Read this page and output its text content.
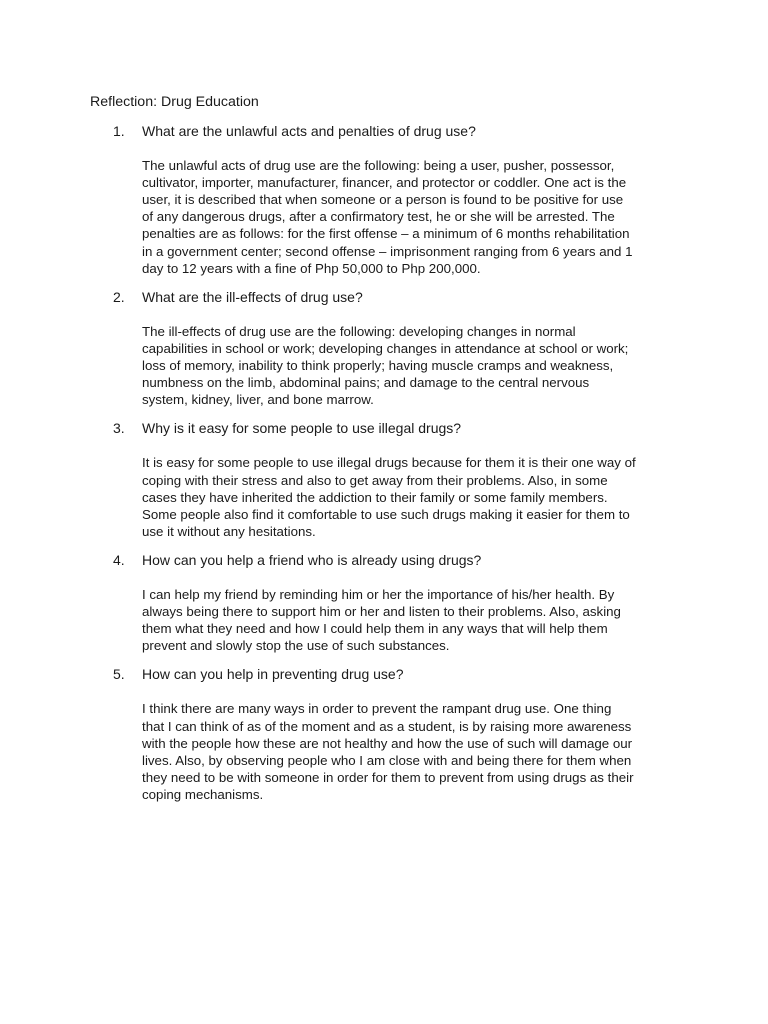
Reflection: Drug Education
1. What are the unlawful acts and penalties of drug use?
The unlawful acts of drug use are the following: being a user, pusher, possessor,
cultivator, importer, manufacturer, financer, and protector or coddler. One act is the
user, it is described that when someone or a person is found to be positive for use
of any dangerous drugs, after a confirmatory test, he or she will be arrested. The
penalties are as follows: for the first offense – a minimum of 6 months rehabilitation
in a government center; second offense – imprisonment ranging from 6 years and 1
day to 12 years with a fine of Php 50,000 to Php 200,000.
2. What are the ill-effects of drug use?
The ill-effects of drug use are the following: developing changes in normal
capabilities in school or work; developing changes in attendance at school or work;
loss of memory, inability to think properly; having muscle cramps and weakness,
numbness on the limb, abdominal pains; and damage to the central nervous
system, kidney, liver, and bone marrow.
3. Why is it easy for some people to use illegal drugs?
It is easy for some people to use illegal drugs because for them it is their one way of
coping with their stress and also to get away from their problems. Also, in some
cases they have inherited the addiction to their family or some family members.
Some people also find it comfortable to use such drugs making it easier for them to
use it without any hesitations.
4. How can you help a friend who is already using drugs?
I can help my friend by reminding him or her the importance of his/her health. By
always being there to support him or her and listen to their problems. Also, asking
them what they need and how I could help them in any ways that will help them
prevent and slowly stop the use of such substances.
5. How can you help in preventing drug use?
I think there are many ways in order to prevent the rampant drug use. One thing
that I can think of as of the moment and as a student, is by raising more awareness
with the people how these are not healthy and how the use of such will damage our
lives. Also, by observing people who I am close with and being there for them when
they need to be with someone in order for them to prevent from using drugs as their
coping mechanisms.
